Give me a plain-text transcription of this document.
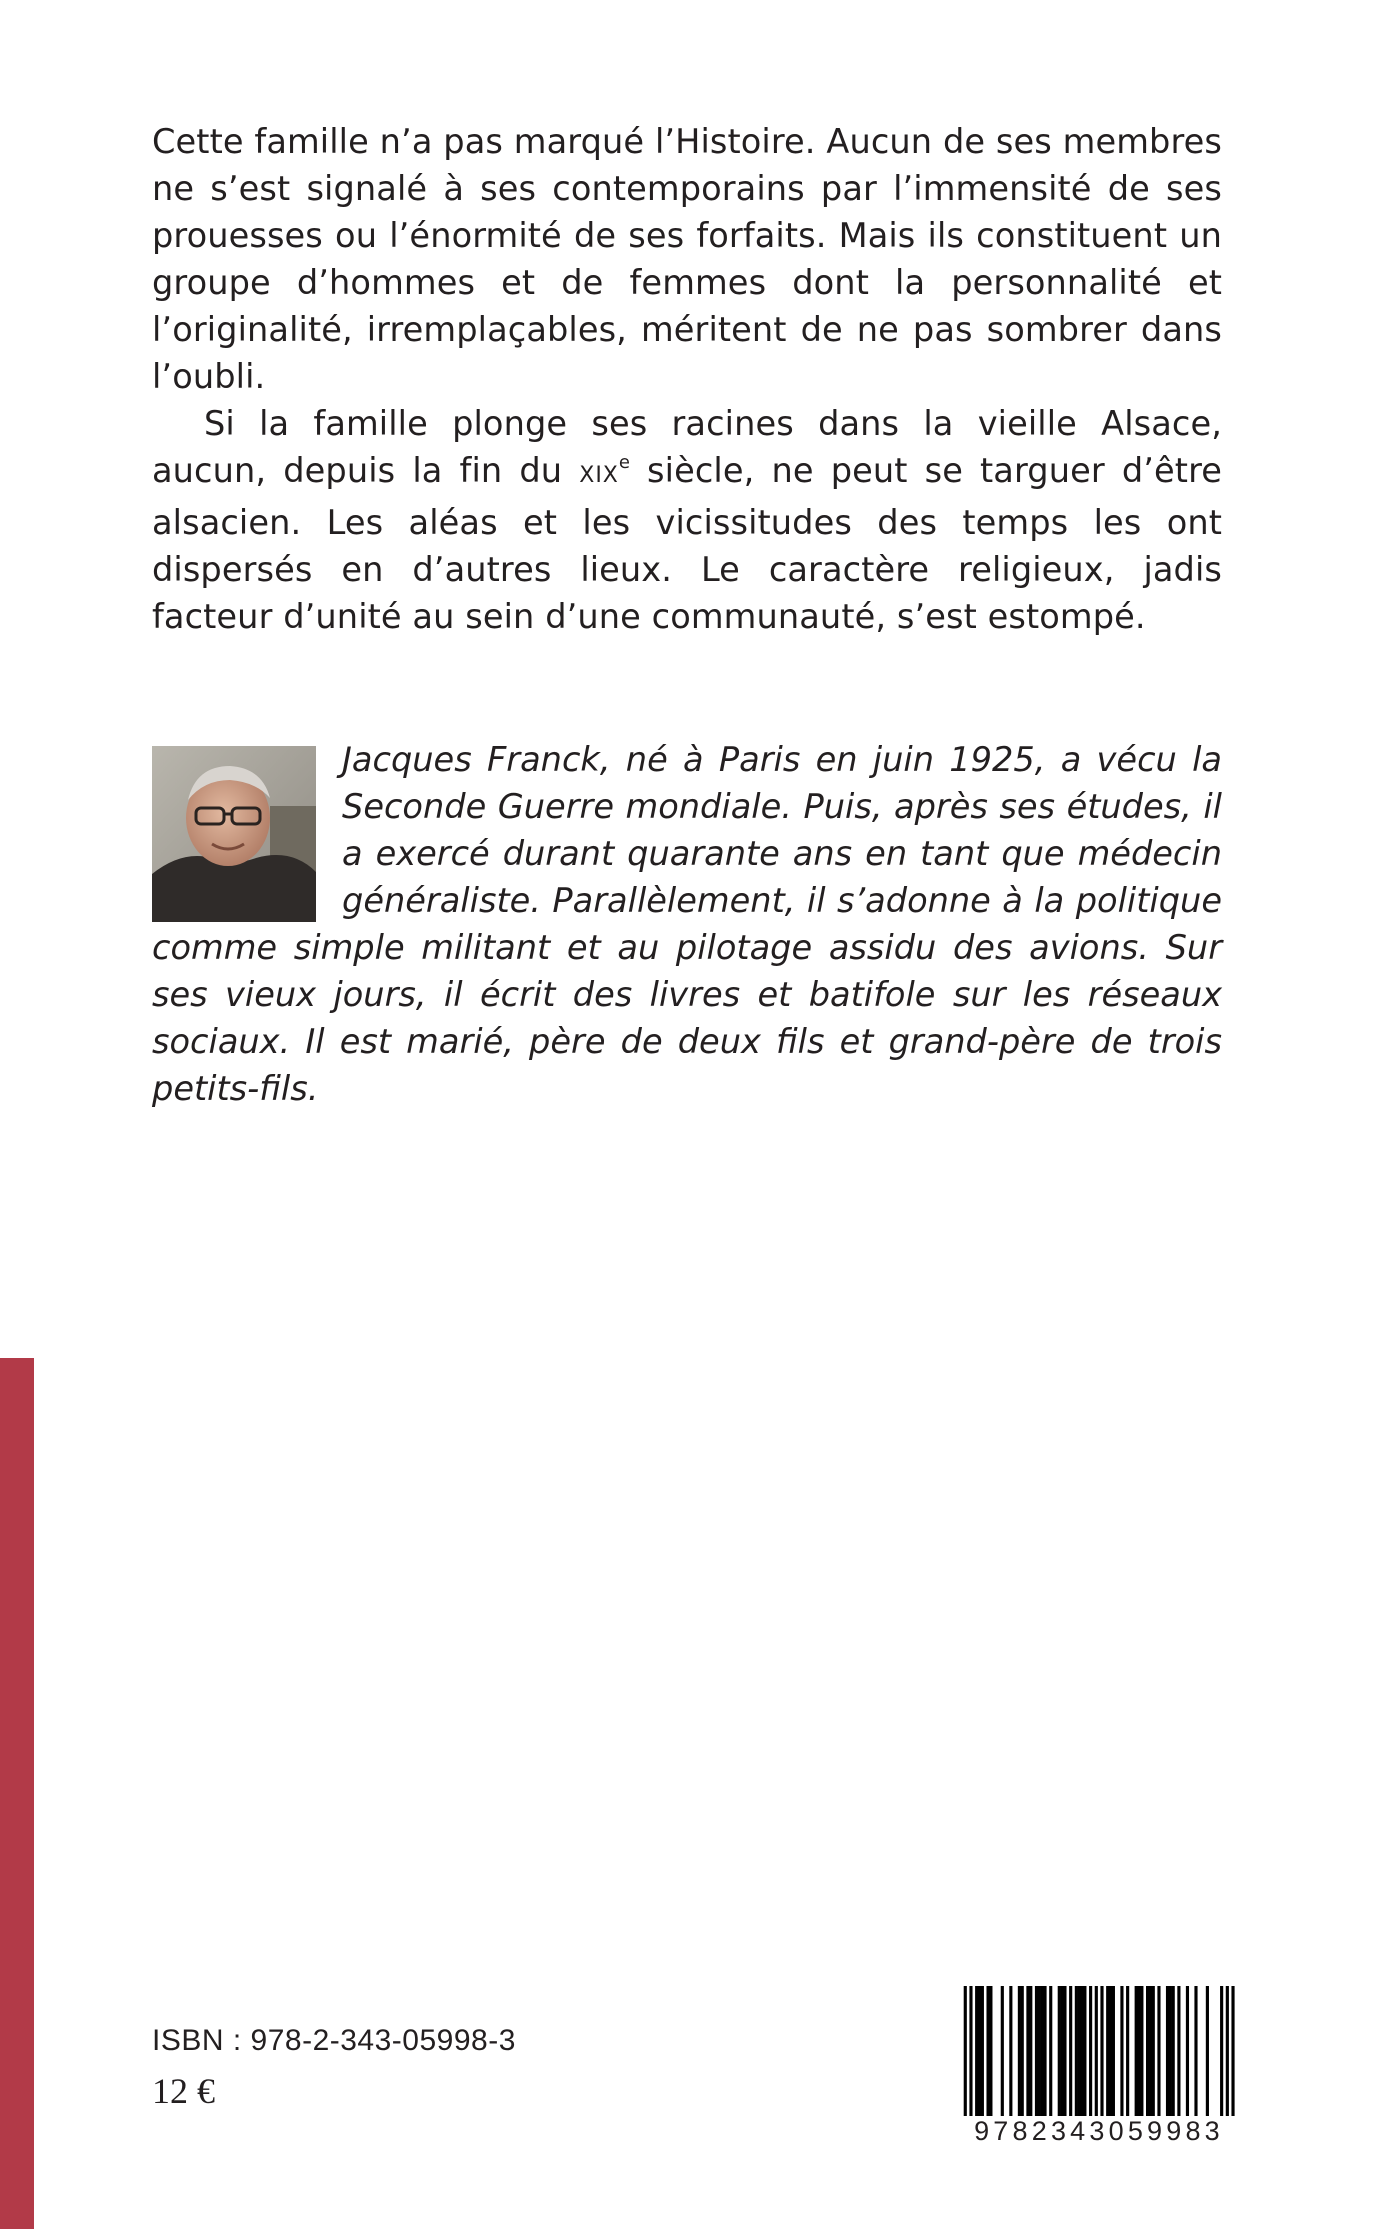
Cette famille n’a pas marqué l’Histoire. Aucun de ses membres ne s’est signalé à ses contemporains par l’immensité de ses prouesses ou l’énormité de ses forfaits. Mais ils constituent un groupe d’hommes et de femmes dont la personnalité et l’originalité, irremplaçables, méritent de ne pas sombrer dans l’oubli.

Si la famille plonge ses racines dans la vieille Alsace, aucun, depuis la fin du XIXe siècle, ne peut se targuer d’être alsacien. Les aléas et les vicissitudes des temps les ont dispersés en d’autres lieux. Le caractère religieux, jadis facteur d’unité au sein d’une communauté, s’est estompé.

Jacques Franck, né à Paris en juin 1925, a vécu la Seconde Guerre mondiale. Puis, après ses études, il a exercé durant quarante ans en tant que médecin généraliste. Parallèlement, il s’adonne à la politique comme simple militant et au pilotage assidu des avions. Sur ses vieux jours, il écrit des livres et batifole sur les réseaux sociaux. Il est marié, père de deux fils et grand-père de trois petits-fils.

ISBN : 978-2-343-05998-3
12 €
9782343059983
